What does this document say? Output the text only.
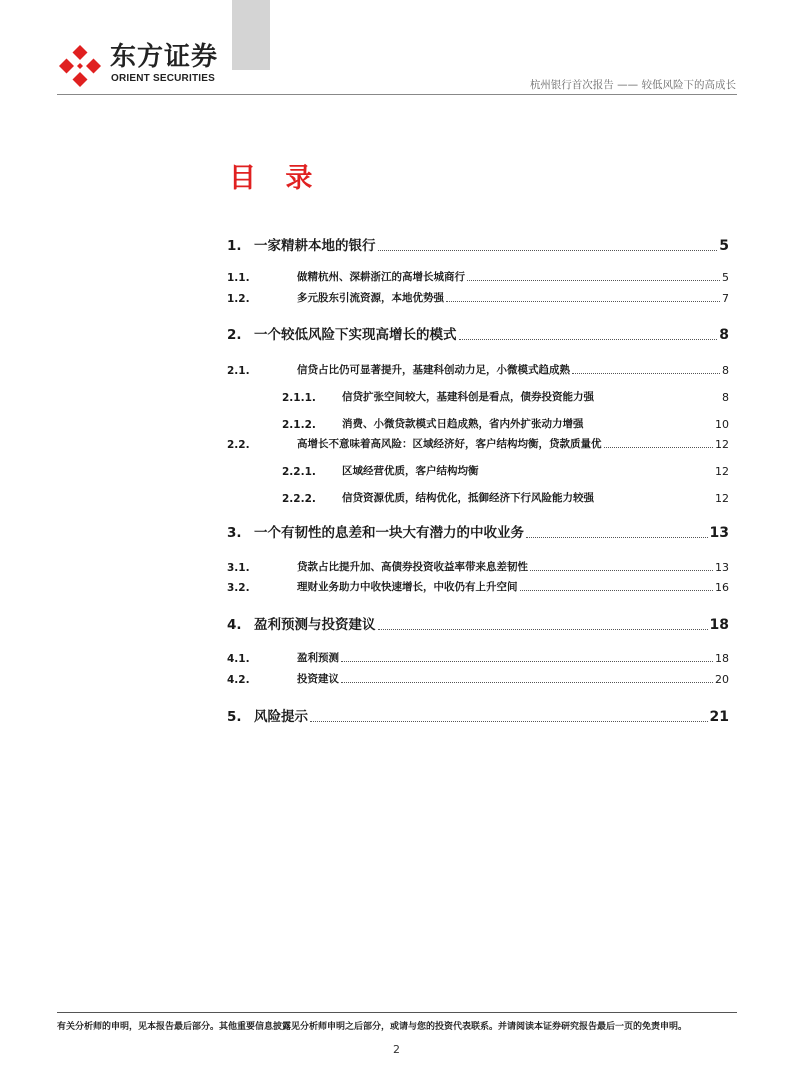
东方证券
ORIENT SECURITIES
杭州银行首次报告 —— 较低风险下的高成长
目 录
1. 一家精耕本地的银行	5
1.1.	做精杭州、深耕浙江的高增长城商行	5
1.2.	多元股东引流资源，本地优势强	7
2. 一个较低风险下实现高增长的模式	8
2.1.	信贷占比仍可显著提升，基建科创动力足，小微模式趋成熟	8
2.1.1.	信贷扩张空间较大，基建科创是看点，债券投资能力强	8
2.1.2.	消费、小微贷款模式日趋成熟，省内外扩张动力增强	10
2.2.	高增长不意味着高风险：区域经济好，客户结构均衡，贷款质量优	12
2.2.1.	区域经营优质，客户结构均衡	12
2.2.2.	信贷资源优质，结构优化，抵御经济下行风险能力较强	12
3. 一个有韧性的息差和一块大有潜力的中收业务	13
3.1.	贷款占比提升加、高债券投资收益率带来息差韧性	13
3.2.	理财业务助力中收快速增长，中收仍有上升空间	16
4. 盈利预测与投资建议	18
4.1.	盈利预测	18
4.2.	投资建议	20
5. 风险提示	21
有关分析师的申明，见本报告最后部分。其他重要信息披露见分析师申明之后部分，或请与您的投资代表联系。并请阅读本证券研究报告最后一页的免责申明。
2
